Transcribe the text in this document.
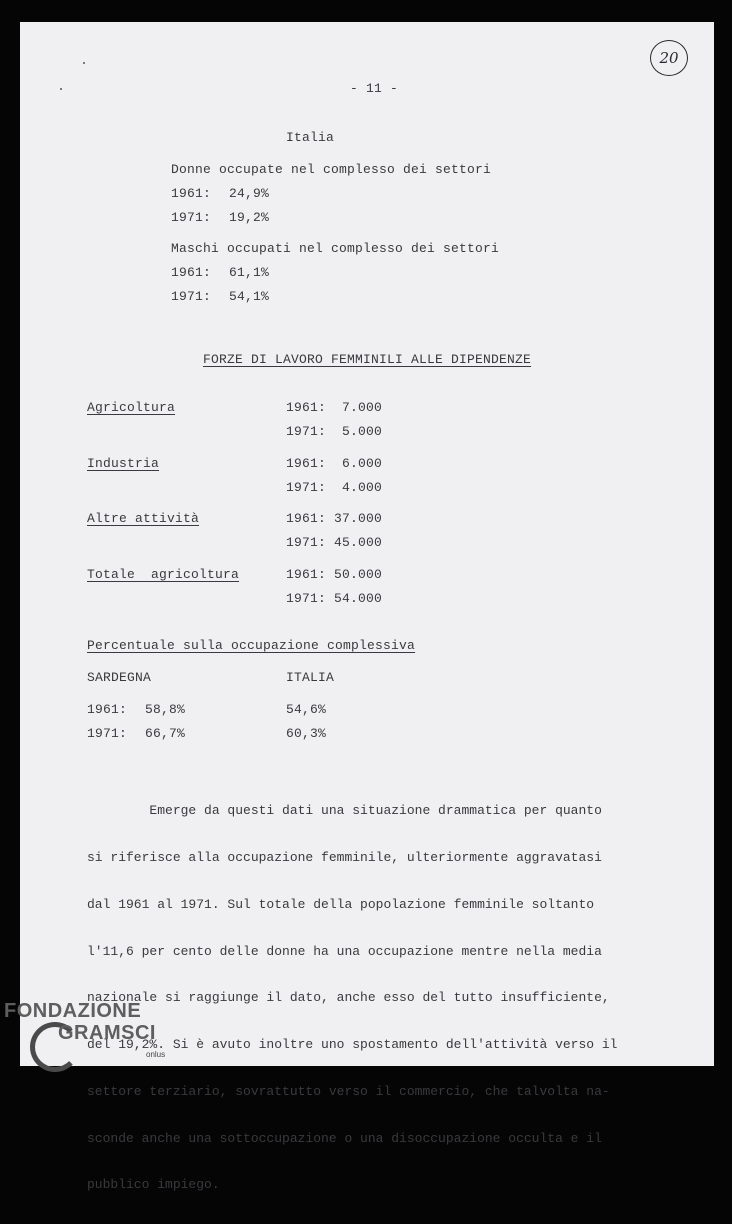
20
- 11 -
Italia
Donne occupate nel complesso dei settori
1961: 24,9%
1971: 19,2%
Maschi occupati nel complesso dei settori
1961: 61,1%
1971: 54,1%
FORZE DI LAVORO FEMMINILI ALLE DIPENDENZE
Agricoltura	1961: 7.000
1971: 5.000
Industria	1961: 6.000
1971: 4.000
Altre attività	1961: 37.000
1971: 45.000
Totale  agricoltura	1961: 50.000
1971: 54.000
Percentuale sulla occupazione complessiva
SARDEGNA	ITALIA
1961: 58,8%	54,6%
1971: 66,7%	60,3%

Emerge da questi dati una situazione drammatica per quanto

si riferisce alla occupazione femminile, ulteriormente aggravatasi

dal 1961 al 1971. Sul totale della popolazione femminile soltanto

l'11,6 per cento delle donne ha una occupazione mentre nella media

nazionale si raggiunge il dato, anche esso del tutto insufficiente,

del 19,2%. Si è avuto inoltre uno spostamento dell'attività verso il

settore terziario, sovrattutto verso il commercio, che talvolta na-

sconde anche una sottoccupazione o una disoccupazione occulta e il

pubblico impiego.

FONDAZIONE
GRAMSCI
onlus
